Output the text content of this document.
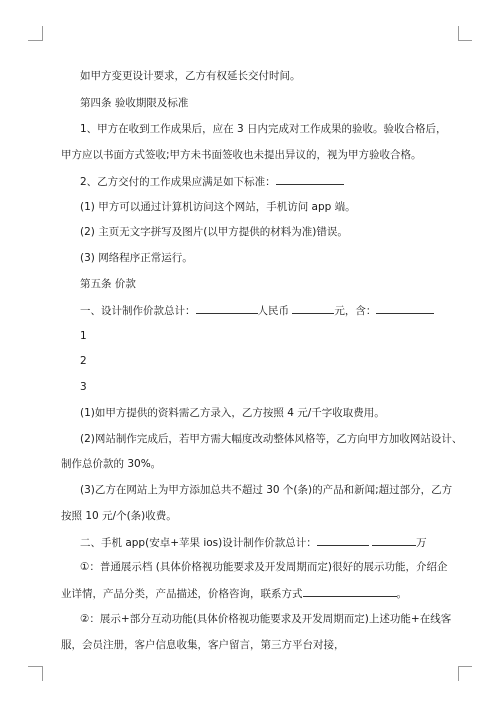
如甲方变更设计要求，乙方有权延长交付时间。
第四条 验收期限及标准
1、甲方在收到工作成果后，应在 3 日内完成对工作成果的验收。验收合格后，
甲方应以书面方式签收;甲方未书面签收也未提出异议的，视为甲方验收合格。
2、乙方交付的工作成果应满足如下标准：
(1) 甲方可以通过计算机访问这个网站，手机访问 app 端。
(2) 主页无文字拼写及图片(以甲方提供的材料为准)错误。
(3) 网络程序正常运行。
第五条 价款
一、设计制作价款总计：	人民币	元，含：
1
2
3
(1)如甲方提供的资料需乙方录入，乙方按照 4 元/千字收取费用。
(2)网站制作完成后，若甲方需大幅度改动整体风格等，乙方向甲方加收网站设计、
制作总价款的 30%。
(3)乙方在网站上为甲方添加总共不超过 30 个(条)的产品和新闻;超过部分，乙方
按照 10 元/个(条)收费。
二、手机 app(安卓+苹果 ios)设计制作价款总计：	万
①：普通展示档 (具体价格视功能要求及开发周期而定)很好的展示功能，介绍企
业详情，产品分类，产品描述，价格咨询，联系方式	。
②：展示+部分互动功能(具体价格视功能要求及开发周期而定)上述功能+在线客
服，会员注册，客户信息收集，客户留言，第三方平台对接，
